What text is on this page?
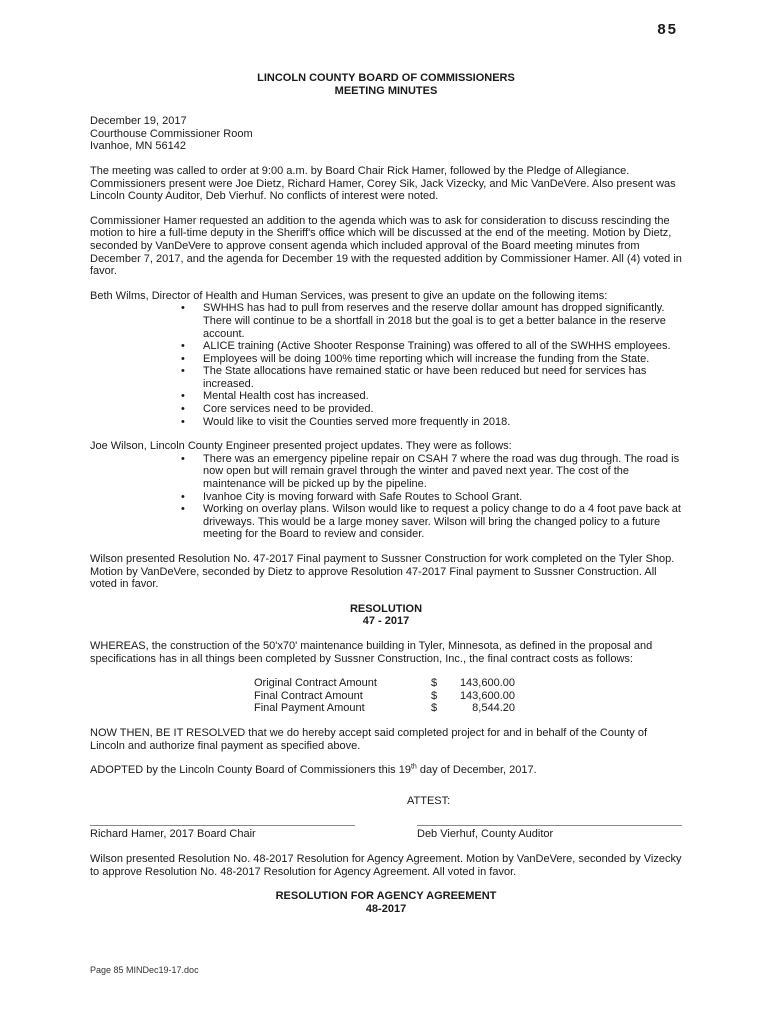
85

LINCOLN COUNTY BOARD OF COMMISSIONERS

MEETING MINUTES

December 19, 2017

Courthouse Commissioner Room

Ivanhoe, MN 56142

The meeting was called to order at 9:00 a.m. by Board Chair Rick Hamer, followed by the Pledge of Allegiance. Commissioners present were Joe Dietz, Richard Hamer, Corey Sik, Jack Vizecky, and Mic VanDeVere. Also present was Lincoln County Auditor, Deb Vierhuf. No conflicts of interest were noted.

Commissioner Hamer requested an addition to the agenda which was to ask for consideration to discuss rescinding the motion to hire a full-time deputy in the Sheriff's office which will be discussed at the end of the meeting. Motion by Dietz, seconded by VanDeVere to approve consent agenda which included approval of the Board meeting minutes from December 7, 2017, and the agenda for December 19 with the requested addition by Commissioner Hamer. All (4) voted in favor.

Beth Wilms, Director of Health and Human Services, was present to give an update on the following items:

• SWHHS has had to pull from reserves and the reserve dollar amount has dropped significantly. There will continue to be a shortfall in 2018 but the goal is to get a better balance in the reserve account.
• ALICE training (Active Shooter Response Training) was offered to all of the SWHHS employees.
• Employees will be doing 100% time reporting which will increase the funding from the State.
• The State allocations have remained static or have been reduced but need for services has increased.
• Mental Health cost has increased.
• Core services need to be provided.
• Would like to visit the Counties served more frequently in 2018.

Joe Wilson, Lincoln County Engineer presented project updates. They were as follows:

• There was an emergency pipeline repair on CSAH 7 where the road was dug through. The road is now open but will remain gravel through the winter and paved next year. The cost of the maintenance will be picked up by the pipeline.
• Ivanhoe City is moving forward with Safe Routes to School Grant.
• Working on overlay plans. Wilson would like to request a policy change to do a 4 foot pave back at driveways. This would be a large money saver. Wilson will bring the changed policy to a future meeting for the Board to review and consider.

Wilson presented Resolution No. 47-2017 Final payment to Sussner Construction for work completed on the Tyler Shop. Motion by VanDeVere, seconded by Dietz to approve Resolution 47-2017 Final payment to Sussner Construction. All voted in favor.

RESOLUTION

47 - 2017

WHEREAS, the construction of the 50'x70' maintenance building in Tyler, Minnesota, as defined in the proposal and specifications has in all things been completed by Sussner Construction, Inc., the final contract costs as follows:

Original Contract Amount	$	143,600.00
Final Contract Amount	$	143,600.00
Final Payment Amount	$	8,544.20

NOW THEN, BE IT RESOLVED that we do hereby accept said completed project for and in behalf of the County of Lincoln and authorize final payment as specified above.

ADOPTED by the Lincoln County Board of Commissioners this 19th day of December, 2017.

ATTEST:

Richard Hamer, 2017 Board Chair	Deb Vierhuf, County Auditor

Wilson presented Resolution No. 48-2017 Resolution for Agency Agreement. Motion by VanDeVere, seconded by Vizecky to approve Resolution No. 48-2017 Resolution for Agency Agreement. All voted in favor.

RESOLUTION FOR AGENCY AGREEMENT

48-2017

Page 85 MINDec19-17.doc
